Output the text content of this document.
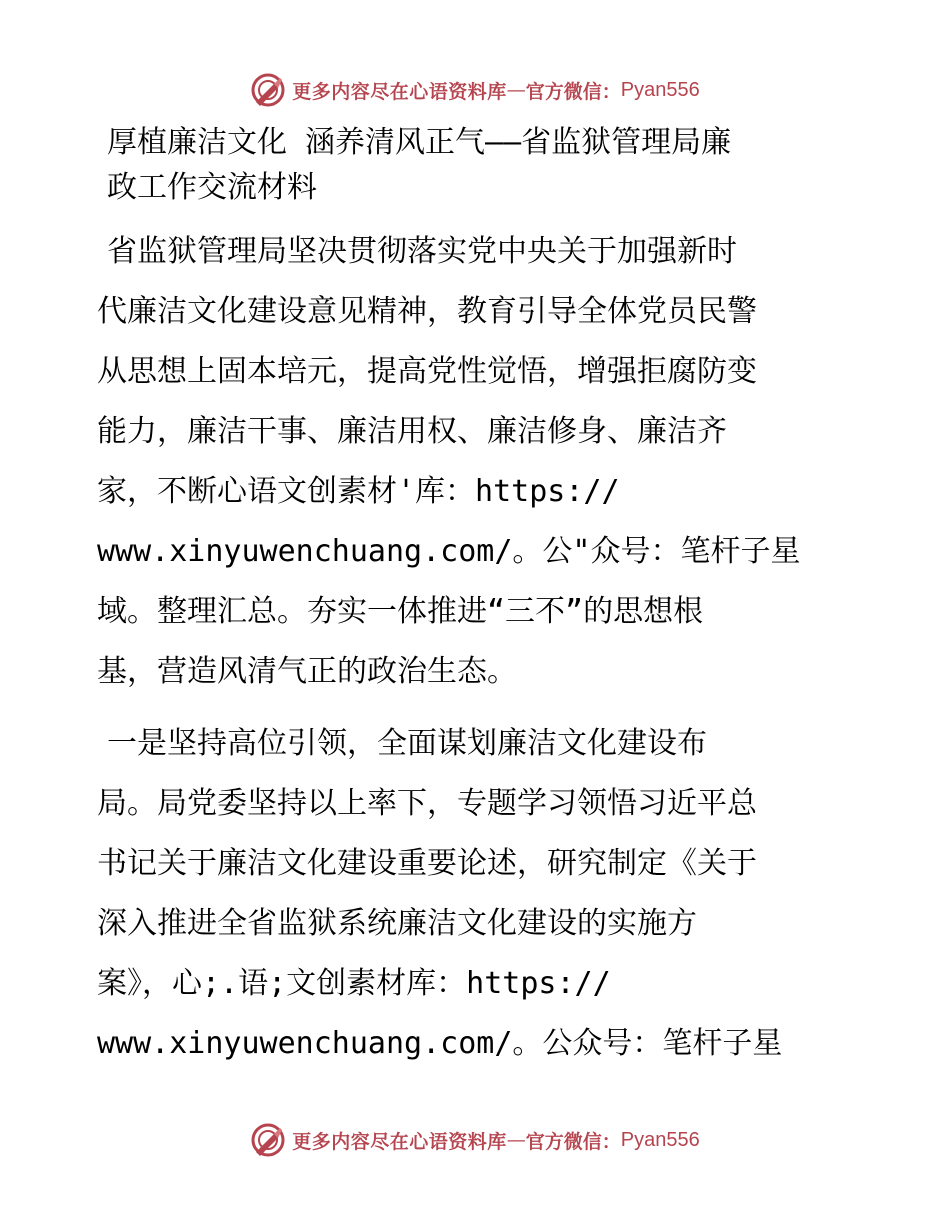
更多内容尽在心语资料库 — 官方微信： Pyan556

厚植廉洁文化 涵养清风正气——省监狱管理局廉
政工作交流材料

省监狱管理局坚决贯彻落实党中央关于加强新时
代廉洁文化建设意见精神，教育引导全体党员民警
从思想上固本培元，提高党性觉悟，增强拒腐防变
能力，廉洁干事、廉洁用权、廉洁修身、廉洁齐
家，不断心语文创素材'库：https://
www.xinyuwenchuang.com/。公"众号：笔杆子星
域。整理汇总。夯实一体推进“三不”的思想根
基，营造风清气正的政治生态。

一是坚持高位引领，全面谋划廉洁文化建设布
局。局党委坚持以上率下，专题学习领悟习近平总
书记关于廉洁文化建设重要论述，研究制定《关于
深入推进全省监狱系统廉洁文化建设的实施方
案》，心;.语;文创素材库：https://
www.xinyuwenchuang.com/。公众号：笔杆子星

更多内容尽在心语资料库 — 官方微信： Pyan556
